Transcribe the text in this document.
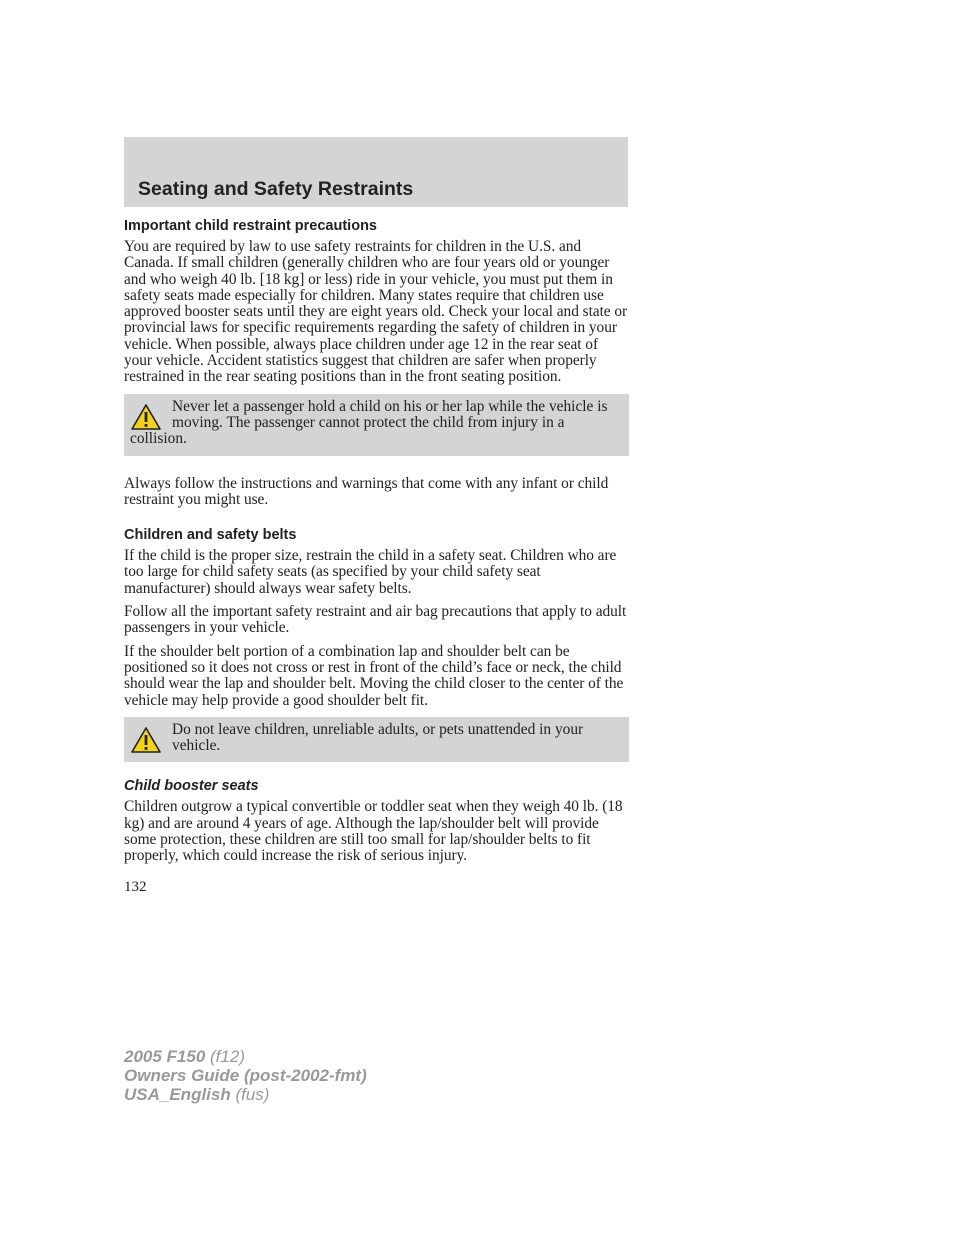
Seating and Safety Restraints
Important child restraint precautions

You are required by law to use safety restraints for children in the U.S. and Canada. If small children (generally children who are four years old or younger and who weigh 40 lb. [18 kg] or less) ride in your vehicle, you must put them in safety seats made especially for children. Many states require that children use approved booster seats until they are eight years old. Check your local and state or provincial laws for specific requirements regarding the safety of children in your vehicle. When possible, always place children under age 12 in the rear seat of your vehicle. Accident statistics suggest that children are safer when properly restrained in the rear seating positions than in the front seating position.

Never let a passenger hold a child on his or her lap while the vehicle is moving. The passenger cannot protect the child from injury in a collision.

Always follow the instructions and warnings that come with any infant or child restraint you might use.

Children and safety belts

If the child is the proper size, restrain the child in a safety seat. Children who are too large for child safety seats (as specified by your child safety seat manufacturer) should always wear safety belts.

Follow all the important safety restraint and air bag precautions that apply to adult passengers in your vehicle.

If the shoulder belt portion of a combination lap and shoulder belt can be positioned so it does not cross or rest in front of the child’s face or neck, the child should wear the lap and shoulder belt. Moving the child closer to the center of the vehicle may help provide a good shoulder belt fit.

Do not leave children, unreliable adults, or pets unattended in your vehicle.
Child booster seats

Children outgrow a typical convertible or toddler seat when they weigh 40 lb. (18 kg) and are around 4 years of age. Although the lap/shoulder belt will provide some protection, these children are still too small for lap/shoulder belts to fit properly, which could increase the risk of serious injury.

132
2005 F150 (f12)
Owners Guide (post-2002-fmt)
USA_English (fus)
